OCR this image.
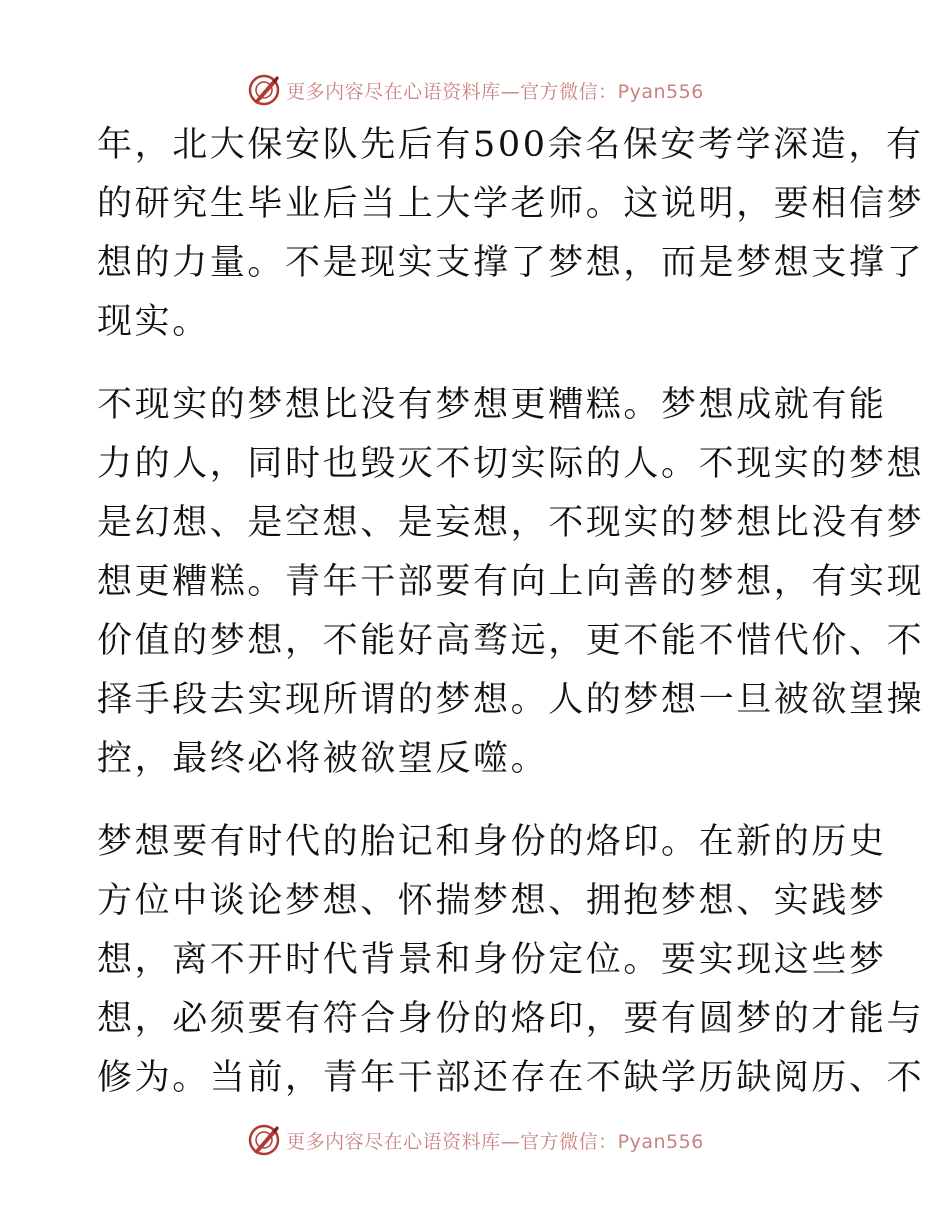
更多内容尽在心语资料库—官方微信：Pyan556

年，北大保安队先后有500余名保安考学深造，有
的研究生毕业后当上大学老师。这说明，要相信梦
想的力量。不是现实支撑了梦想，而是梦想支撑了
现实。

不现实的梦想比没有梦想更糟糕。梦想成就有能
力的人，同时也毁灭不切实际的人。不现实的梦想
是幻想、是空想、是妄想，不现实的梦想比没有梦
想更糟糕。青年干部要有向上向善的梦想，有实现
价值的梦想，不能好高骛远，更不能不惜代价、不
择手段去实现所谓的梦想。人的梦想一旦被欲望操
控，最终必将被欲望反噬。

梦想要有时代的胎记和身份的烙印。在新的历史
方位中谈论梦想、怀揣梦想、拥抱梦想、实践梦
想，离不开时代背景和身份定位。要实现这些梦
想，必须要有符合身份的烙印，要有圆梦的才能与
修为。当前，青年干部还存在不缺学历缺阅历、不

更多内容尽在心语资料库—官方微信：Pyan556
